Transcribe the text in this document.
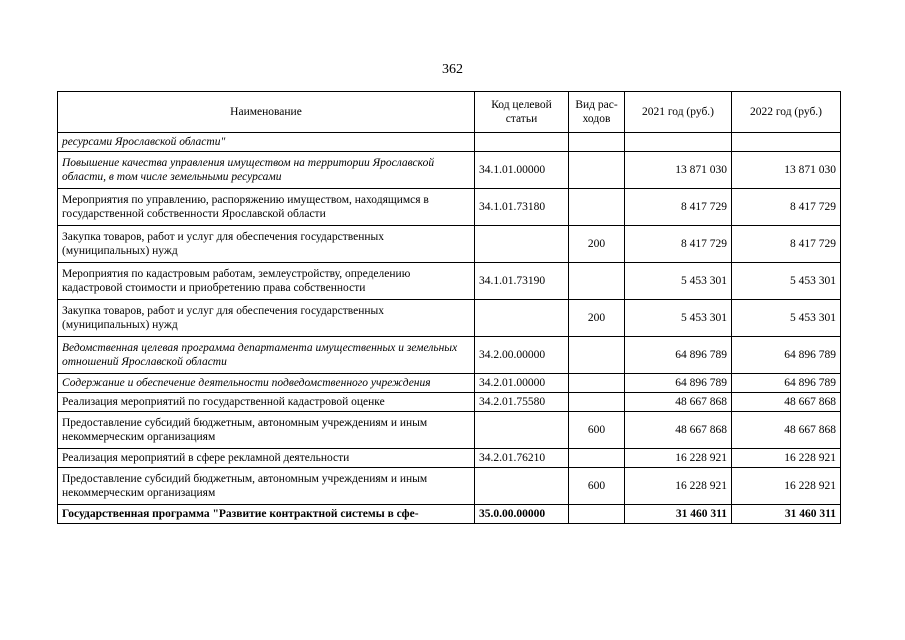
362
Наименование	Код целевой статьи	Вид рас-ходов	2021 год (руб.)	2022 год (руб.)
ресурсами Ярославской области"				
Повышение качества управления имуществом на территории Ярославской области, в том числе земельными ресурсами	34.1.01.00000		13 871 030	13 871 030
Мероприятия по управлению, распоряжению имуществом, находящимся в государственной собственности Ярославской области	34.1.01.73180		8 417 729	8 417 729
Закупка товаров, работ и услуг для обеспечения государственных (муниципальных) нужд		200	8 417 729	8 417 729
Мероприятия по кадастровым работам, землеустройству, определению кадастровой стоимости и приобретению права собственности	34.1.01.73190		5 453 301	5 453 301
Закупка товаров, работ и услуг для обеспечения государственных (муниципальных) нужд		200	5 453 301	5 453 301
Ведомственная целевая программа департамента имущественных и земельных отношений Ярославской области	34.2.00.00000		64 896 789	64 896 789
Содержание и обеспечение деятельности подведомственного учреждения	34.2.01.00000		64 896 789	64 896 789
Реализация мероприятий по государственной кадастровой оценке	34.2.01.75580		48 667 868	48 667 868
Предоставление субсидий бюджетным, автономным учреждениям и иным некоммерческим организациям		600	48 667 868	48 667 868
Реализация мероприятий в сфере рекламной деятельности	34.2.01.76210		16 228 921	16 228 921
Предоставление субсидий бюджетным, автономным учреждениям и иным некоммерческим организациям		600	16 228 921	16 228 921
Государственная программа "Развитие контрактной системы в сфе-	35.0.00.00000		31 460 311	31 460 311
